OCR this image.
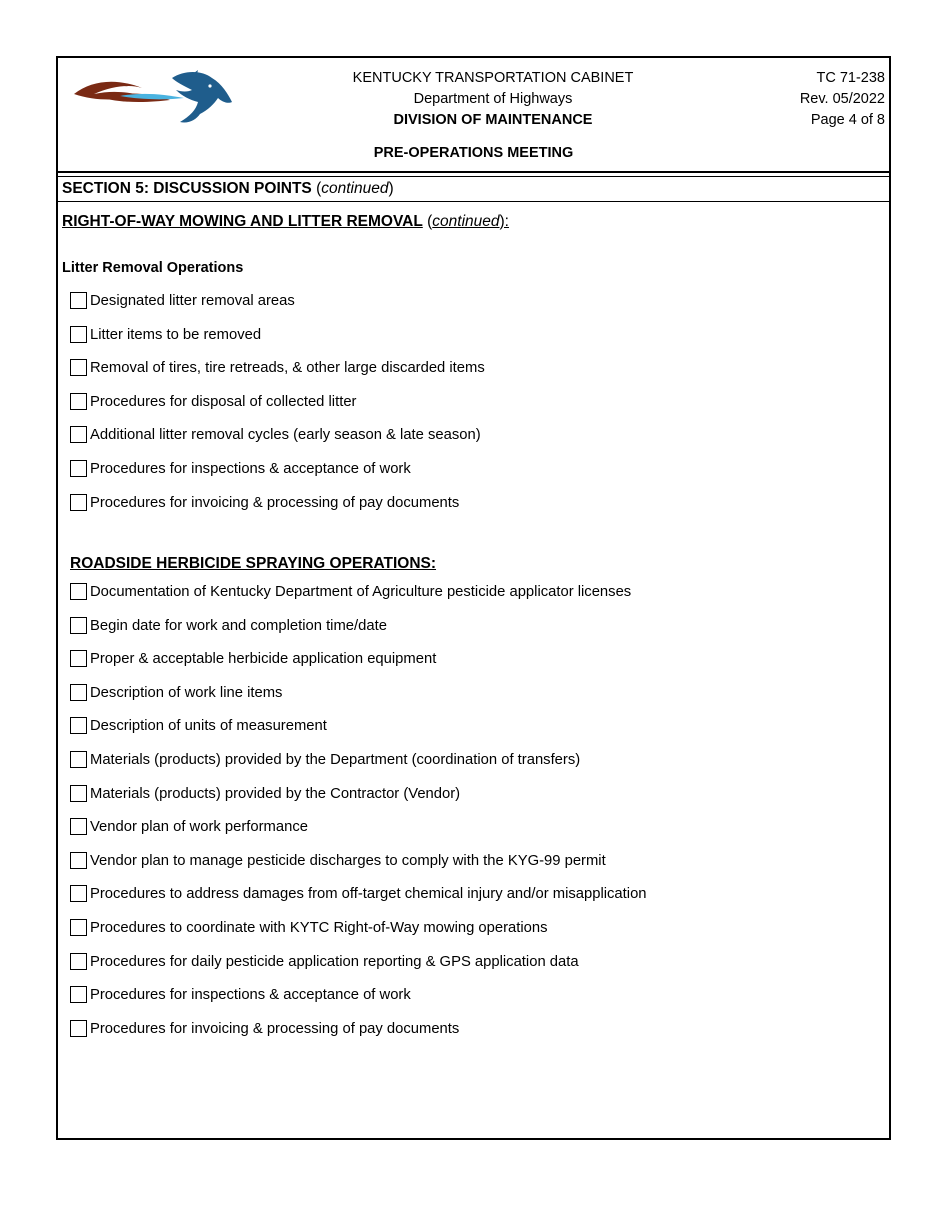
KENTUCKY TRANSPORTATION CABINET
Department of Highways
DIVISION OF MAINTENANCE
TC 71-238
Rev. 05/2022
Page 4 of 8
PRE-OPERATIONS MEETING
SECTION 5: DISCUSSION POINTS (continued)
RIGHT-OF-WAY MOWING AND LITTER REMOVAL (continued):
Litter Removal Operations
Designated litter removal areas
Litter items to be removed
Removal of tires, tire retreads, & other large discarded items
Procedures for disposal of collected litter
Additional litter removal cycles (early season & late season)
Procedures for inspections & acceptance of work
Procedures for invoicing & processing of pay documents
ROADSIDE HERBICIDE SPRAYING OPERATIONS:
Documentation of Kentucky Department of Agriculture pesticide applicator licenses
Begin date for work and completion time/date
Proper & acceptable herbicide application equipment
Description of work line items
Description of units of measurement
Materials (products) provided by the Department (coordination of transfers)
Materials (products) provided by the Contractor (Vendor)
Vendor plan of work performance
Vendor plan to manage pesticide discharges to comply with the KYG-99 permit
Procedures to address damages from off-target chemical injury and/or misapplication
Procedures to coordinate with KYTC Right-of-Way mowing operations
Procedures for daily pesticide application reporting & GPS application data
Procedures for inspections & acceptance of work
Procedures for invoicing & processing of pay documents
